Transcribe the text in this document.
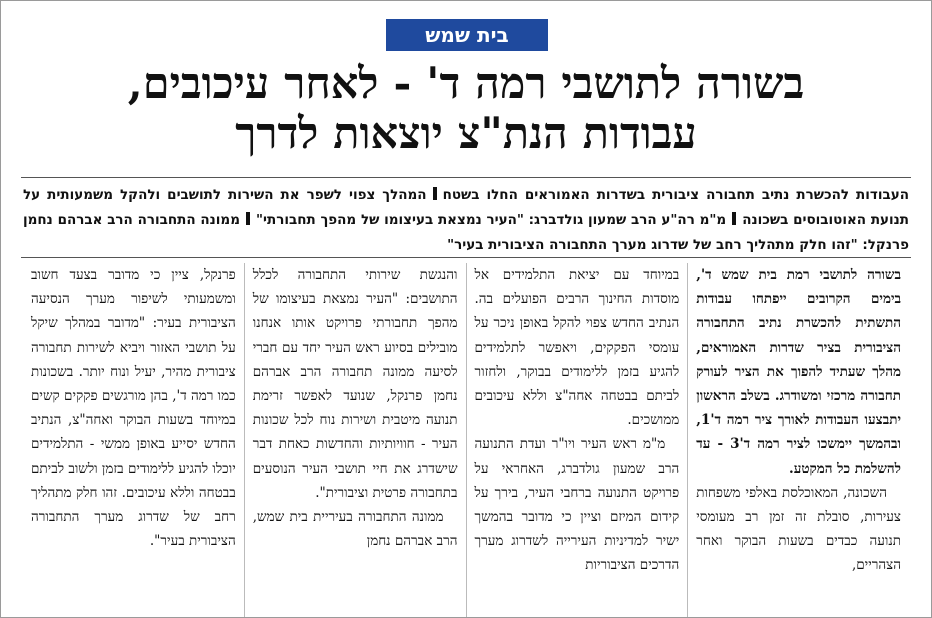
בית שמש
בשורה לתושבי רמה ד' - לאחר עיכובים,
עבודות הנת"צ יוצאות לדרך
העבודות להכשרת נתיב תחבורה ציבורית בשדרות האמוראים החלו בשטחהמהלך צפוי לשפר את השירות לתושבים ולהקל משמעותית על תנועת האוטובוסים בשכונהמ"מ רה"ע הרב שמעון גולדברג: "העיר נמצאת בעיצומו של מהפך תחבורתי"ממונה התחבורה הרב אברהם נחמן פרנקל: "זהו חלק מתהליך רחב של שדרוג מערך התחבורה הציבורית בעיר"

בשורה לתושבי רמת בית שמש ד', בימים הקרובים ייפתחו עבודות התשתית להכשרת נתיב התחבורה הציבורית בציר שדרות האמוראים, מהלך שעתיד להפוך את הציר לעורק תחבורה מרכזי ומשודרג. בשלב הראשון יתבצעו העבודות לאורך ציר רמה ד'1, ובהמשך יימשכו לציר רמה ד'3 - עד להשלמת כל המקטע.

השכונה, המאוכלסת באלפי משפחות צעירות, סובלת זה זמן רב מעומסי תנועה כבדים בשעות הבוקר ואחר הצהריים,

במיוחד עם יציאת התלמידים אל מוסדות החינוך הרבים הפועלים בה. הנתיב החדש צפוי להקל באופן ניכר על עומסי הפקקים, ויאפשר לתלמידים להגיע בזמן ללימודים בבוקר, ולחזור לביתם בבטחה אחה"צ וללא עיכובים ממושכים.

מ"מ ראש העיר ויו"ר ועדת התנועה הרב שמעון גולדברג, האחראי על פרויקט התנועה ברחבי העיר, בירך על קידום המיזם וציין כי מדובר בהמשך ישיר למדיניות העירייה לשדרוג מערך הדרכים הציבוריות

והנגשת שירותי התחבורה לכלל התושבים: "העיר נמצאת בעיצומו של מהפך תחבורתי פרויקט אותו אנחנו מובילים בסיוע ראש העיר יחד עם חברי לסיעה ממונה תחבורה הרב אברהם נחמן פרנקל, שנועד לאפשר זרימת תנועה מיטבית ושירות נוח לכל שכונות העיר - חוויותיות והחדשות כאחת דבר שישדרג את חיי תושבי העיר הנוסעים בתחבורה פרטית וציבורית".

ממונה התחבורה בעיריית בית שמש, הרב אברהם נחמן

פרנקל, ציין כי מדובר בצעד חשוב ומשמעותי לשיפור מערך הנסיעה הציבורית בעיר: "מדובר במהלך שיקל על תושבי האזור ויביא לשירות תחבורה ציבורית מהיר, יעיל ונוח יותר. בשכונות כמו רמה ד', בהן מורגשים פקקים קשים במיוחד בשעות הבוקר ואחה"צ, הנתיב החדש יסייע באופן ממשי - התלמידים יוכלו להגיע ללימודים בזמן ולשוב לביתם בבטחה וללא עיכובים. זהו חלק מתהליך רחב של שדרוג מערך התחבורה הציבורית בעיר".
